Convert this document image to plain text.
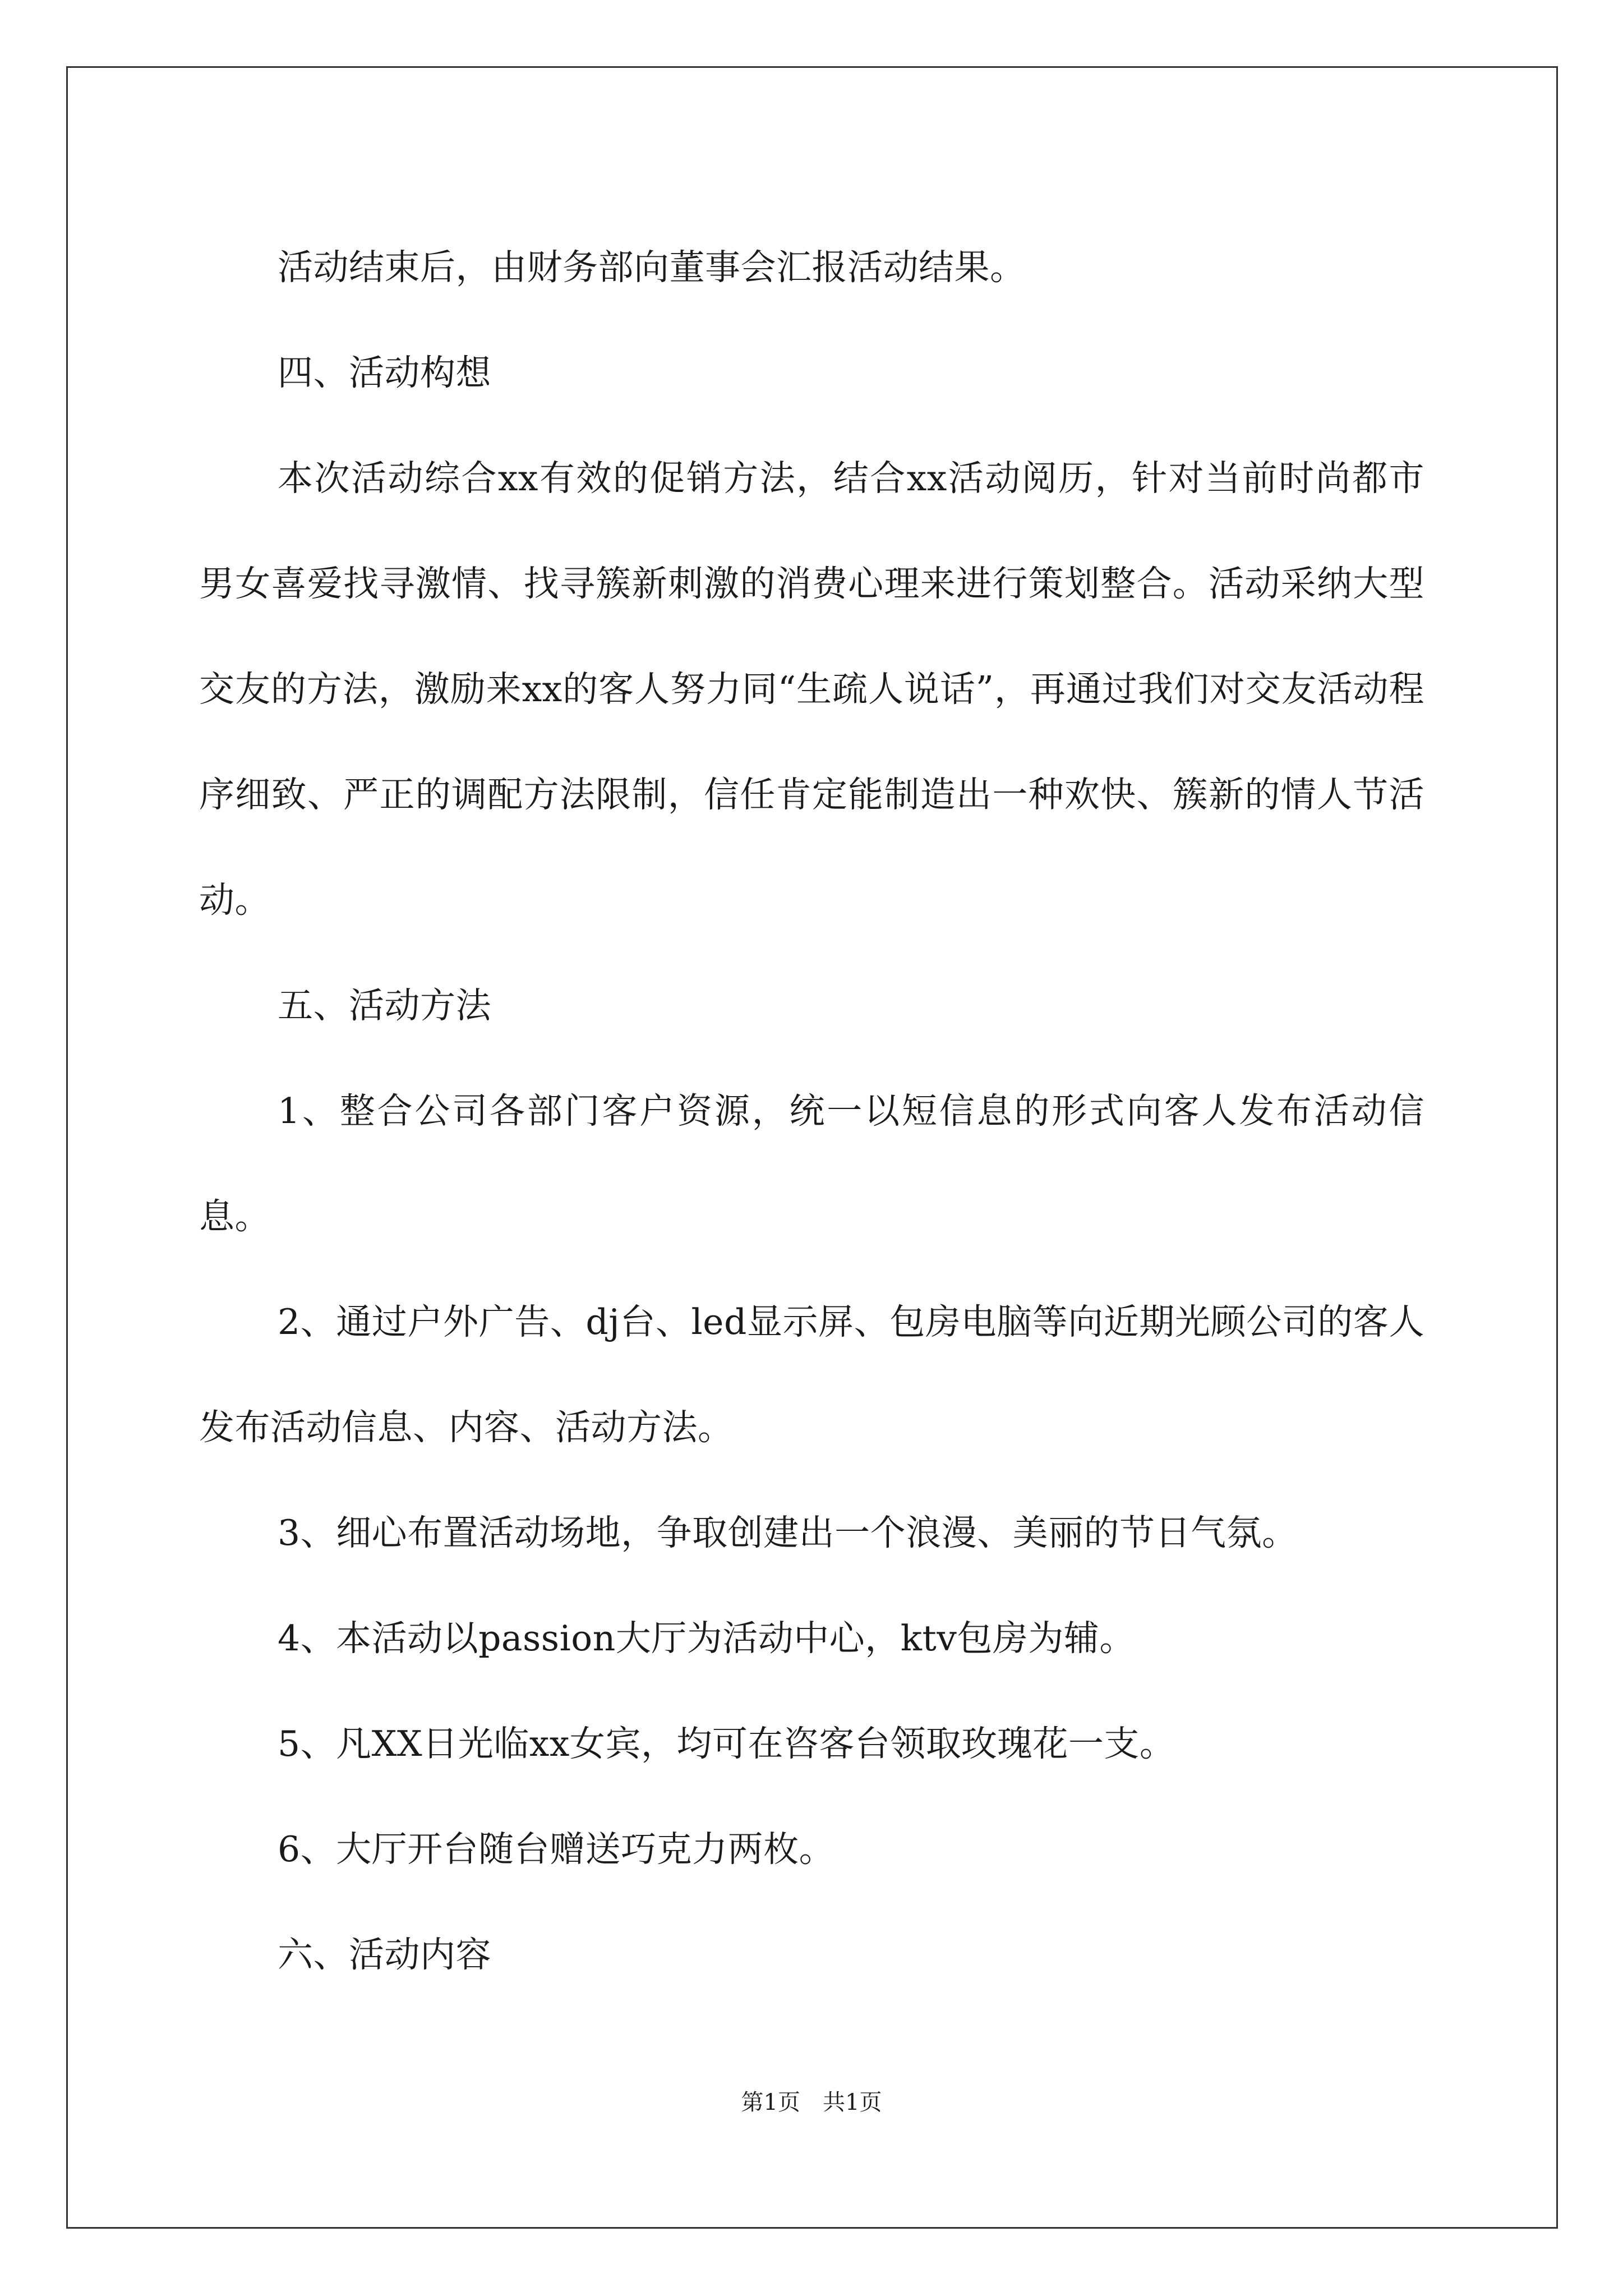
活动结束后，由财务部向董事会汇报活动结果。

四、活动构想

本次活动综合xx有效的促销方法，结合xx活动阅历，针对当前时尚都市男女喜爱找寻激情、找寻簇新刺激的消费心理来进行策划整合。活动采纳大型交友的方法，激励来xx的客人努力同“生疏人说话”，再通过我们对交友活动程序细致、严正的调配方法限制，信任肯定能制造出一种欢快、簇新的情人节活动。

五、活动方法

1、整合公司各部门客户资源，统一以短信息的形式向客人发布活动信息。

2、通过户外广告、dj台、led显示屏、包房电脑等向近期光顾公司的客人发布活动信息、内容、活动方法。

3、细心布置活动场地，争取创建出一个浪漫、美丽的节日气氛。

4、本活动以passion大厅为活动中心，ktv包房为辅。

5、凡XX日光临xx女宾，均可在咨客台领取玫瑰花一支。

6、大厅开台随台赠送巧克力两枚。

六、活动内容

第1页　共1页
